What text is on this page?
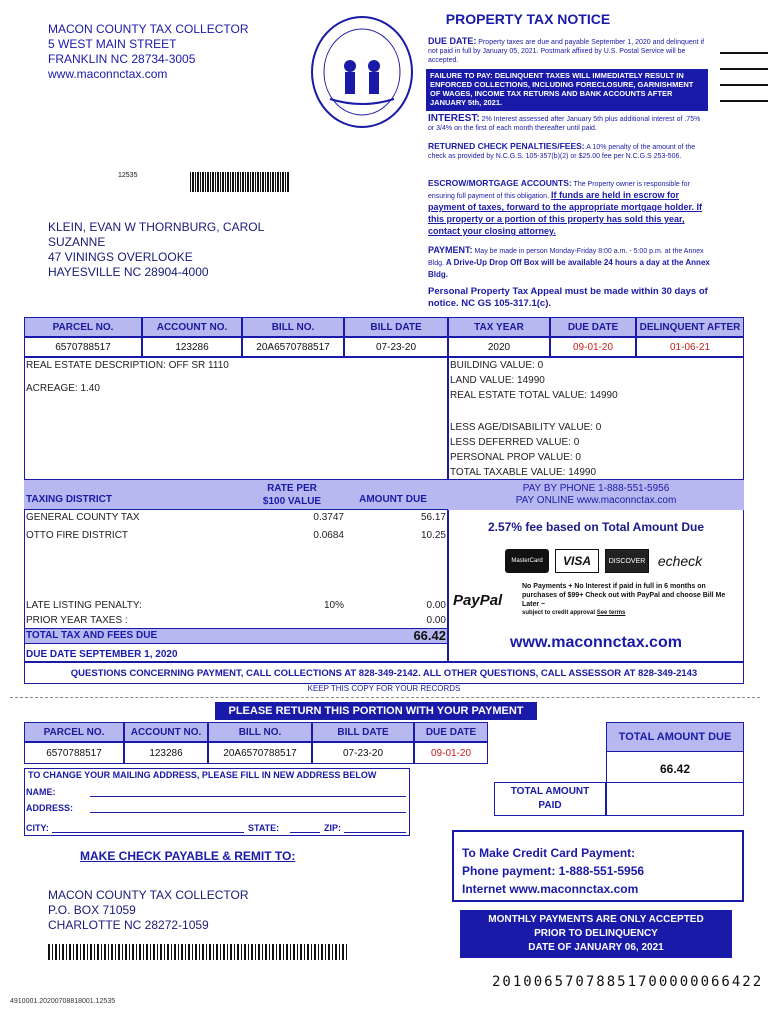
MACON COUNTY TAX COLLECTOR
5 WEST MAIN STREET
FRANKLIN NC 28734-3005
www.maconnctax.com
PROPERTY TAX NOTICE
DUE DATE: Property taxes are due and payable September 1, 2020 and delinquent if not paid in full by January 05, 2021. Postmark affixed by U.S. Postal Service will be accepted.
FAILURE TO PAY: DELINQUENT TAXES WILL IMMEDIATELY RESULT IN ENFORCED COLLECTIONS, INCLUDING FORECLOSURE, GARNISHMENT OF WAGES, INCOME TAX RETURNS AND BANK ACCOUNTS AFTER JANUARY 5th, 2021.
INTEREST: 2% Interest assessed after January 5th plus additional interest of .75% or 3/4% on the first of each month thereafter until paid.
RETURNED CHECK PENALTIES/FEES: A 10% penalty of the amount of the check as provided by N.C.G.S. 105-357(b)(2) or $25.00 fee per N.C.G.S 253-506.
ESCROW/MORTGAGE ACCOUNTS: The Property owner is responsible for ensuring full payment of this obligation. If funds are held in escrow for payment of taxes, forward to the appropriate mortgage holder. If this property or a portion of this property has sold this year, contact your closing attorney.
PAYMENT: May be made in person Monday-Friday 8:00 a.m. - 5:00 p.m. at the Annex Bldg. A Drive-Up Drop Off Box will be available 24 hours a day at the Annex Bldg.
Personal Property Tax Appeal must be made within 30 days of notice. NC GS 105-317.1(c).
12535
KLEIN, EVAN W THORNBURG, CAROL
SUZANNE
47 VININGS OVERLOOKE
HAYESVILLE NC 28904-4000
PARCEL NO.	ACCOUNT NO.	BILL NO.	BILL DATE	TAX YEAR	DUE DATE	DELINQUENT AFTER
6570788517	123286	20A6570788517	07-23-20	2020	09-01-20	01-06-21
REAL ESTATE DESCRIPTION: OFF SR 1110
ACREAGE: 1.40
BUILDING VALUE: 0
LAND VALUE: 14990
REAL ESTATE TOTAL VALUE: 14990
LESS AGE/DISABILITY VALUE: 0
LESS DEFERRED VALUE: 0
PERSONAL PROP VALUE: 0
TOTAL TAXABLE VALUE: 14990
TAXING DISTRICT
RATE PER
$100 VALUE	AMOUNT DUE
GENERAL COUNTY TAX	0.3747	56.17
OTTO FIRE DISTRICT	0.0684	10.25
LATE LISTING PENALTY:	10%	0.00
PRIOR YEAR TAXES :	0.00
TOTAL TAX AND FEES DUE	66.42
DUE DATE SEPTEMBER 1, 2020
PAY BY PHONE 1-888-551-5956
PAY ONLINE www.maconnctax.com
2.57% fee based on Total Amount Due
MasterCard	VISA	DISCOVER echeck
PayPal
No Payments + No Interest if paid in full in 6 months on purchases of $99+ Check out with PayPal and choose Bill Me Later ~
subject to credit approval See terms
www.maconnctax.com
QUESTIONS CONCERNING PAYMENT, CALL COLLECTIONS AT 828-349-2142. ALL OTHER QUESTIONS, CALL ASSESSOR AT 828-349-2143
KEEP THIS COPY FOR YOUR RECORDS
PLEASE RETURN THIS PORTION WITH YOUR PAYMENT
PARCEL NO.	ACCOUNT NO.	BILL NO.	BILL DATE	DUE DATE
6570788517	123286	20A6570788517	07-23-20	09-01-20
TOTAL AMOUNT DUE
66.42
TOTAL AMOUNT
PAID
TO CHANGE YOUR MAILING ADDRESS, PLEASE FILL IN NEW ADDRESS BELOW
NAME:
ADDRESS:
CITY:	STATE:	ZIP:
MAKE CHECK PAYABLE & REMIT TO:
MACON COUNTY TAX COLLECTOR
P.O. BOX 71059
CHARLOTTE NC 28272-1059
To Make Credit Card Payment:
Phone payment: 1-888-551-5956
Internet www.maconnctax.com
MONTHLY PAYMENTS ARE ONLY ACCEPTED
PRIOR TO DELINQUENCY
DATE OF JANUARY 06, 2021
20100657078851700000066422
4910001.20200708818001.12535
